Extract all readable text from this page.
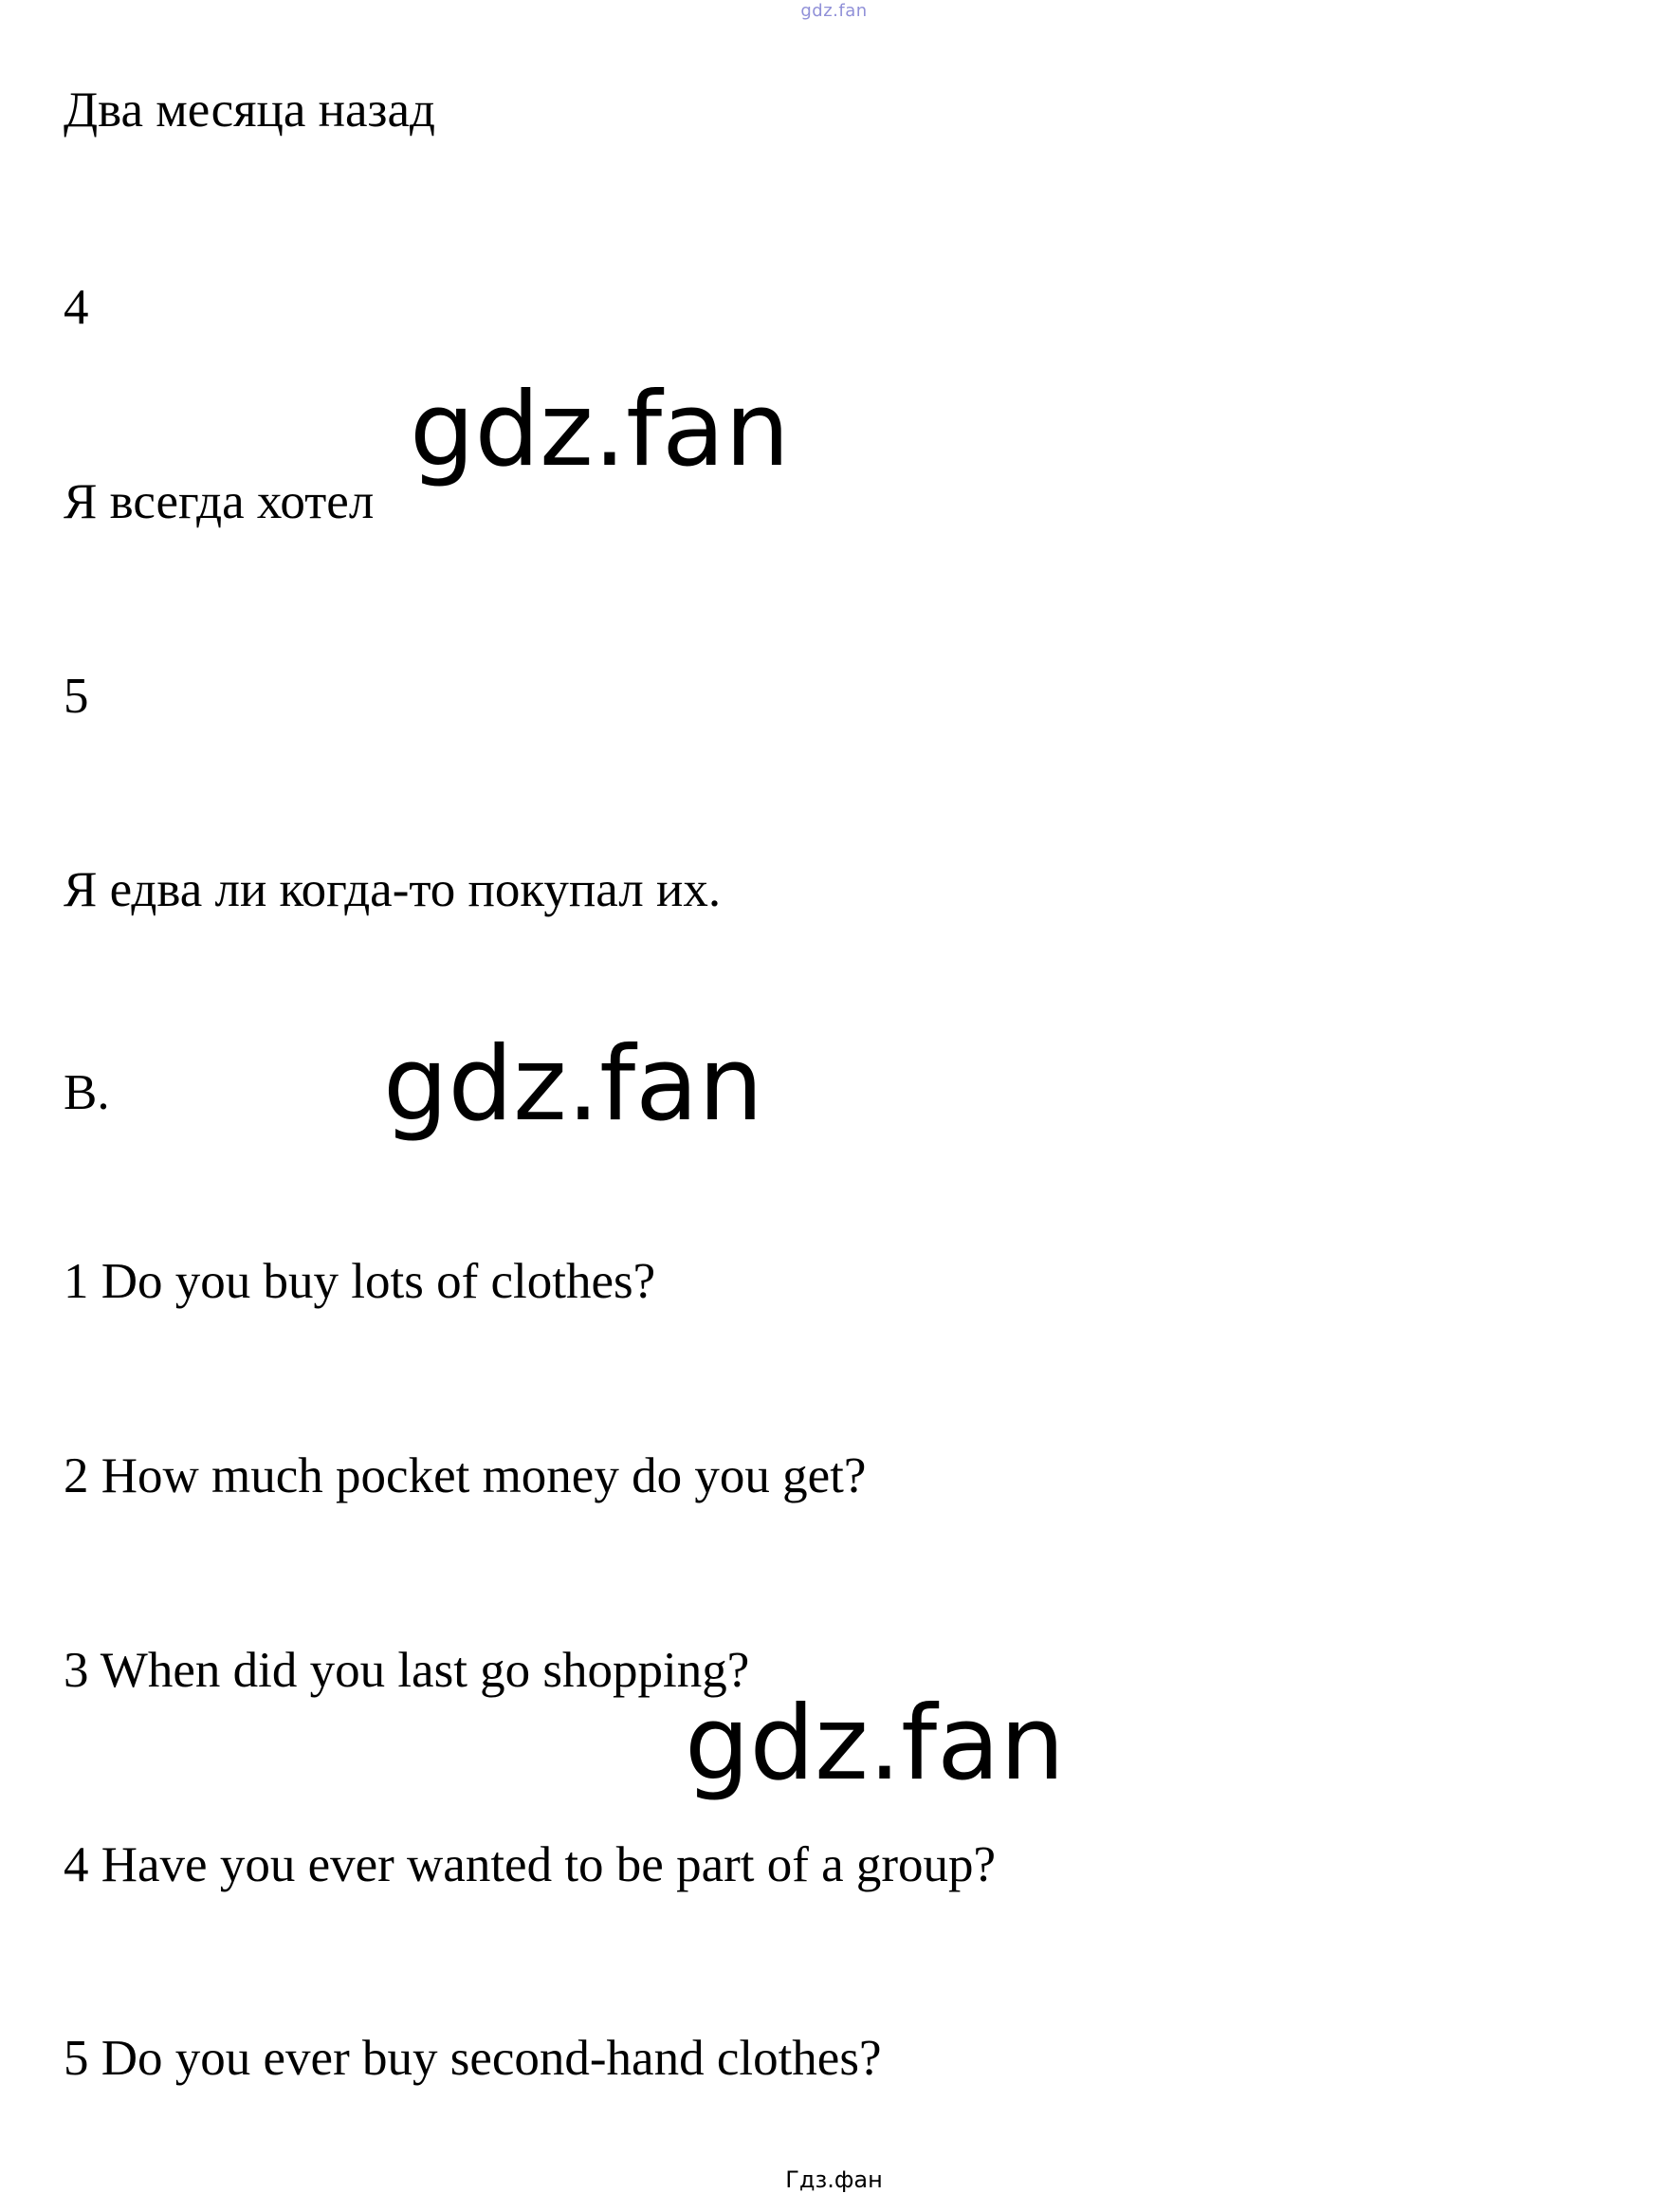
gdz.fan
Два месяца назад
4
Я всегда хотел
5
Я едва ли когда-то покупал их.
B.
1 Do you buy lots of clothes?
2 How much pocket money do you get?
3 When did you last go shopping?
4 Have you ever wanted to be part of a group?
5 Do you ever buy second-hand clothes?
gdz.fan
gdz.fan
gdz.fan
Гдз.фан
